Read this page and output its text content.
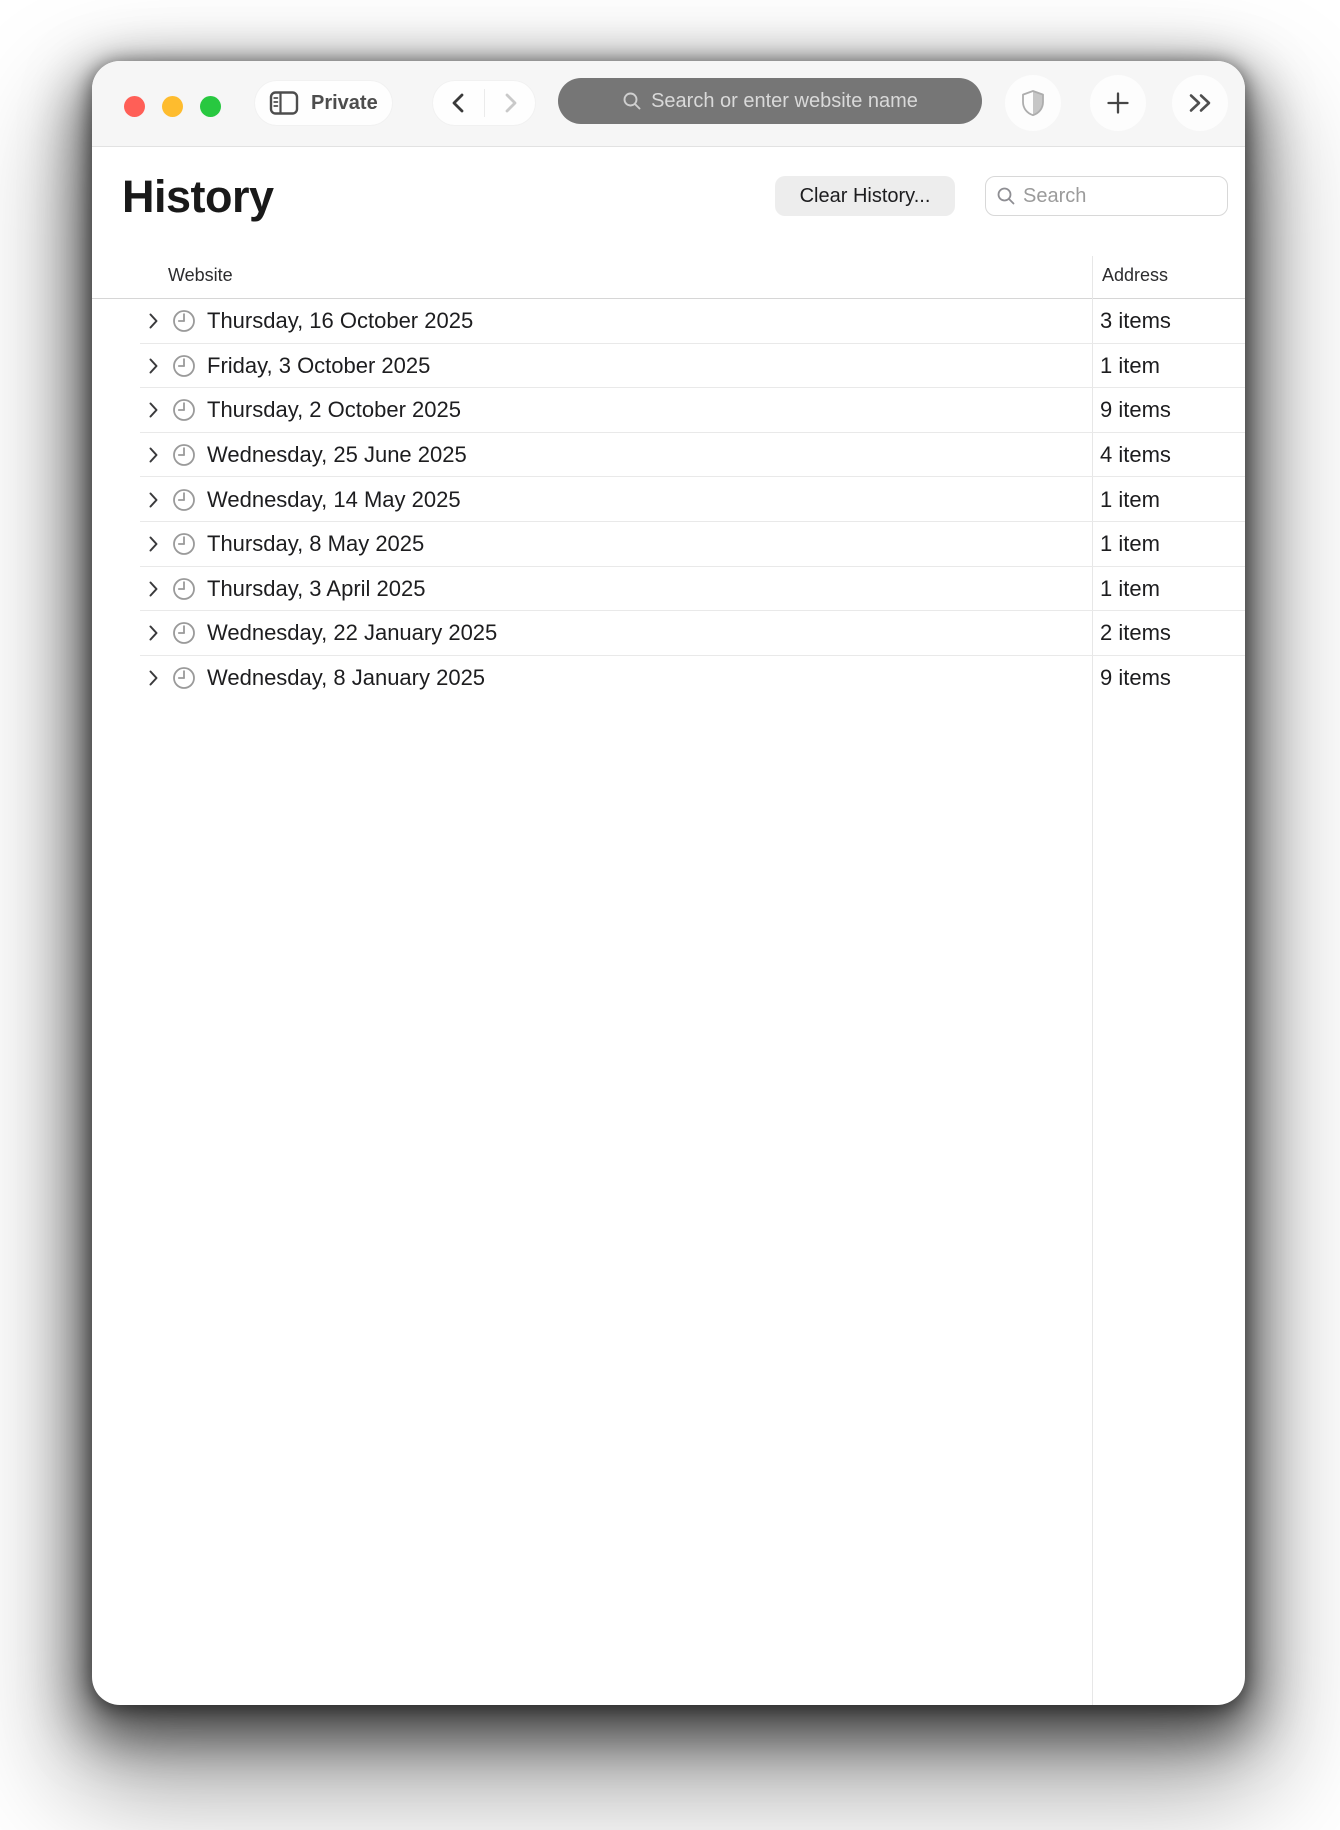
Private	Search or enter website name
History	Clear History...
Search
Website	Address
Thursday, 16 October 2025	3 items
Friday, 3 October 2025	1 item
Thursday, 2 October 2025	9 items
Wednesday, 25 June 2025	4 items
Wednesday, 14 May 2025	1 item
Thursday, 8 May 2025	1 item
Thursday, 3 April 2025	1 item
Wednesday, 22 January 2025	2 items
Wednesday, 8 January 2025	9 items
